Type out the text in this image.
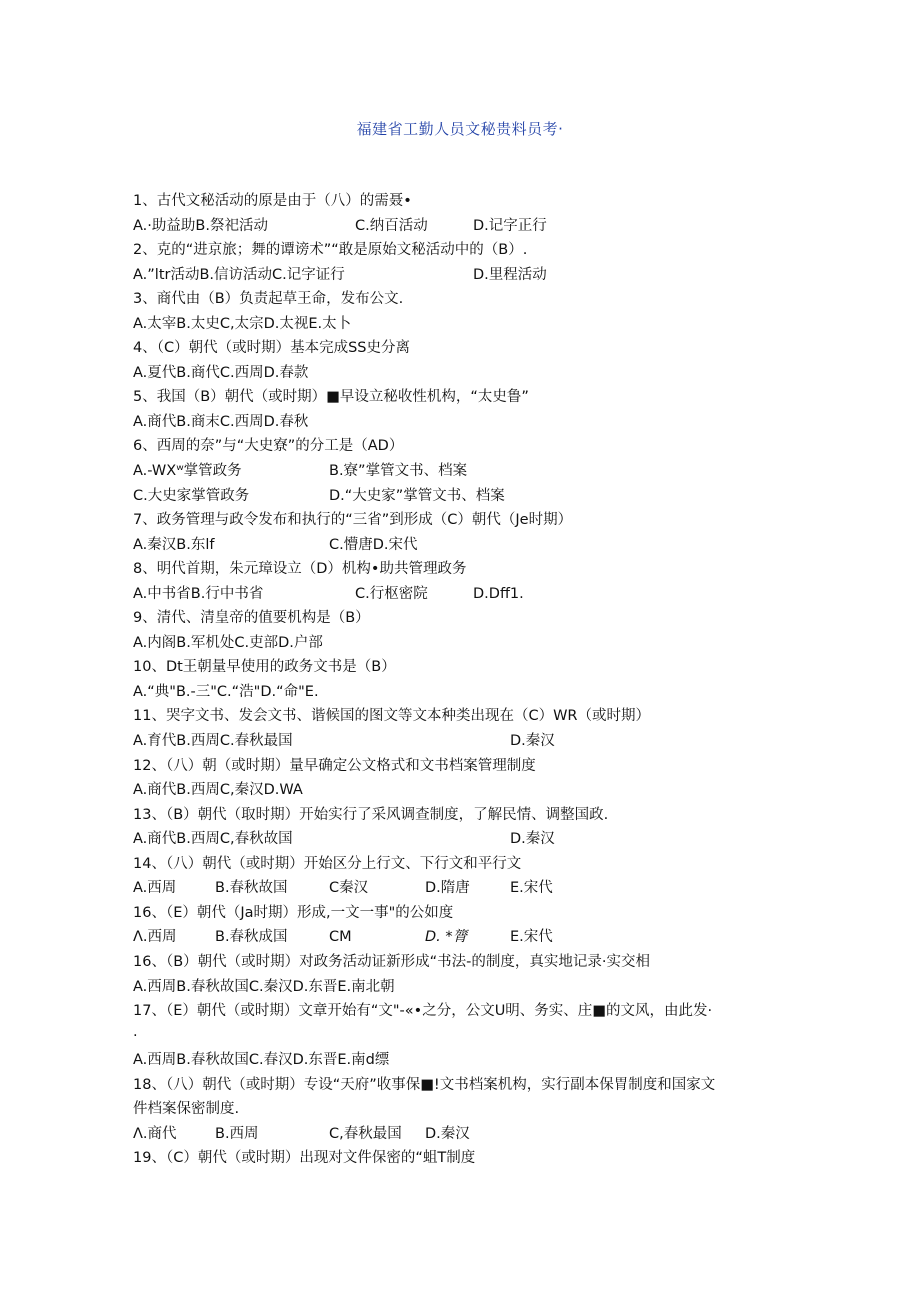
福建省工勤人员文秘贵料员考·
1、古代文秘活动的原是由于（八）的需聂•
A.·助益助B.祭祀活动	C.纳百活动	D.记字正行
2、克的“进京旅；舞的谭谤术”“敢是原始文秘活动中的（B）.
A.”ltr活动B.信访活动C.记字证行	D.里程活动
3、商代由（B）负责起草王命，发布公文.
A.太宰B.太史C,太宗D.太视E.太卜
4、（C）朝代（或时期）基本完成SS史分离
A.夏代B.商代C.西周D.春款
5、我国（B）朝代（或时期）■早设立秘收性机构，“太史鲁”
A.商代B.商末C.西周D.春秋
6、西周的奈”与“大史寮”的分工是（AD）
A.-WXʷ掌管政务	B.寮”掌管文书、档案
C.大史家掌管政务	D.“大史家”掌管文书、档案
7、政务管理与政令发布和执行的“三省”到形成（C）朝代（Je时期）
A.秦汉B.东lf	C.懵唐D.宋代
8、明代首期，朱元璋设立（D）机构•助共管理政务
A.中书省B.行中书省	C.行枢密院	D.Dff1.
9、清代、清皇帝的值要机构是（B）
A.内阁B.军机处C.吏部D.户部
10、Dt王朝量早使用的政务文书是（B）
A.“典"B.-三"C.“浩"D.“命"E.
11、哭字文书、发会文书、谐候国的图文等文本种类出现在（C）WR（或时期）
A.育代B.西周C.春秋最国	D.秦汉
12、（八）朝（或时期）量早确定公文格式和文书档案管理制度
A.商代B.西周C,秦汉D.WA
13、（B）朝代（取时期）开始实行了采风调查制度，了解民情、调整国政.
A.商代B.西周C,春秋故国	D.秦汉
14、（八）朝代（或时期）开始区分上行文、下行文和平行文
A.西周	B.春秋故国	C秦汉	D.隋唐	E.宋代
16、（E）朝代（Ja时期）形成,一文一事"的公如度
Λ.西周	B.春秋成国	CM	D. *膂	E.宋代
16、（B）朝代（或时期）对政务活动证新形成“书法-的制度，真实地记录·实交相
A.西周B.春秋故国C.秦汉D.东晋E.南北朝
17、（E）朝代（或时期）文章开始有“文"-«•之分，公文U明、务实、庄■的文风，由此发·
·
A.西周B.春秋故国C.春汉D.东晋E.南d缥
18、（八）朝代（或时期）专设“天府”收事保■!文书档案机构，实行副本保胃制度和国家文
件档案保密制度.
Λ.商代	B.西周	C,春秋最国 D.秦汉
19、（C）朝代（或时期）出现对文件保密的“蛆T制度
